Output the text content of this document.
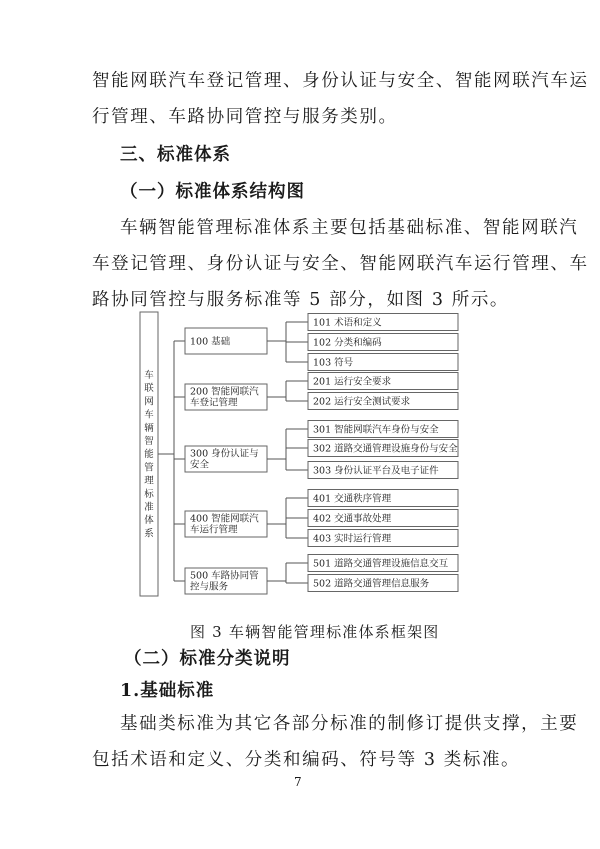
智能网联汽车登记管理、身份认证与安全、智能网联汽车运
行管理、车路协同管控与服务类别。
三、标准体系
（一）标准体系结构图
车辆智能管理标准体系主要包括基础标准、智能网联汽
车登记管理、身份认证与安全、智能网联汽车运行管理、车
路协同管控与服务标准等 5 部分，如图 3 所示。
车
联
网
车
辆
智
能
管
理
标
准
体
系
100 基础
101 术语和定义
102 分类和编码
103 符号
200 智能网联汽
车登记管理
201 运行安全要求
202 运行安全测试要求
300 身份认证与
安全
301 智能网联汽车身份与安全
302 道路交通管理设施身份与安全
303 身份认证平台及电子证件
400 智能网联汽
车运行管理
401 交通秩序管理
402 交通事故处理
403 实时运行管理
500 车路协同管
控与服务
501 道路交通管理设施信息交互
502 道路交通管理信息服务
图 3 车辆智能管理标准体系框架图
（二）标准分类说明
1.基础标准
基础类标准为其它各部分标准的制修订提供支撑，主要
包括术语和定义、分类和编码、符号等 3 类标准。
7
